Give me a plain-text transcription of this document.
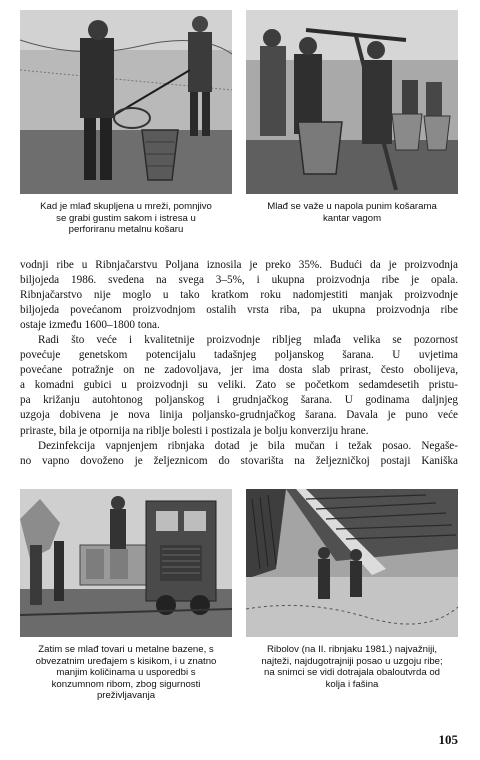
Kad je mlađ skupljena u mreži, pomnjivo
se grabi gustim sakom i istresa u
perforiranu metalnu košaru
Mlađ se važe u napola punim košarama
kantar vagom
vodnji ribe u Ribnjačarstvu Poljana iznosila je preko 35%. Budući da je proizvodnja
biljojeda 1986. svedena na svega 3–5%, i ukupna proizvodnja ribe je opala.
Ribnjačarstvo nije moglo u tako kratkom roku nadomjestiti manjak proizvodnje
biljojeda povećanom proizvodnjom ostalih vrsta riba, pa ukupna proizvodnja ribe
ostaje između 1600–1800 tona.
Radi što veće i kvalitetnije proizvodnje ribljeg mlađa velika se pozornost
povećuje genetskom potencijalu tadašnjeg poljanskog šarana. U uvjetima
povećane potražnje on ne zadovoljava, jer ima dosta slab prirast, često obolijeva,
a komadni gubici u proizvodnji su veliki. Zato se početkom sedamdesetih pristu-
pa križanju autohtonog poljanskog i grudnjačkog šarana. U godinama daljnjeg
uzgoja dobivena je nova linija poljansko-grudnjačkog šarana. Davala je puno veće
priraste, bila je otpornija na riblje bolesti i postizala je bolju konverziju hrane.
Dezinfekcija vapnjenjem ribnjaka dotad je bila mučan i težak posao. Negaše-
no vapno dovoženo je željeznicom do stovarišta na željezničkoj postaji Kaniška
Zatim se mlađ tovari u metalne bazene, s
obvezatnim uređajem s kisikom, i u znatno
manjim količinama u usporedbi s
konzumnom ribom, zbog sigurnosti
preživljavanja
Ribolov (na II. ribnjaku 1981.) najvažniji,
najteži, najdugotrajniji posao u uzgoju ribe;
na snimci se vidi dotrajala obaloutvrda od
kolja i fašina
105
